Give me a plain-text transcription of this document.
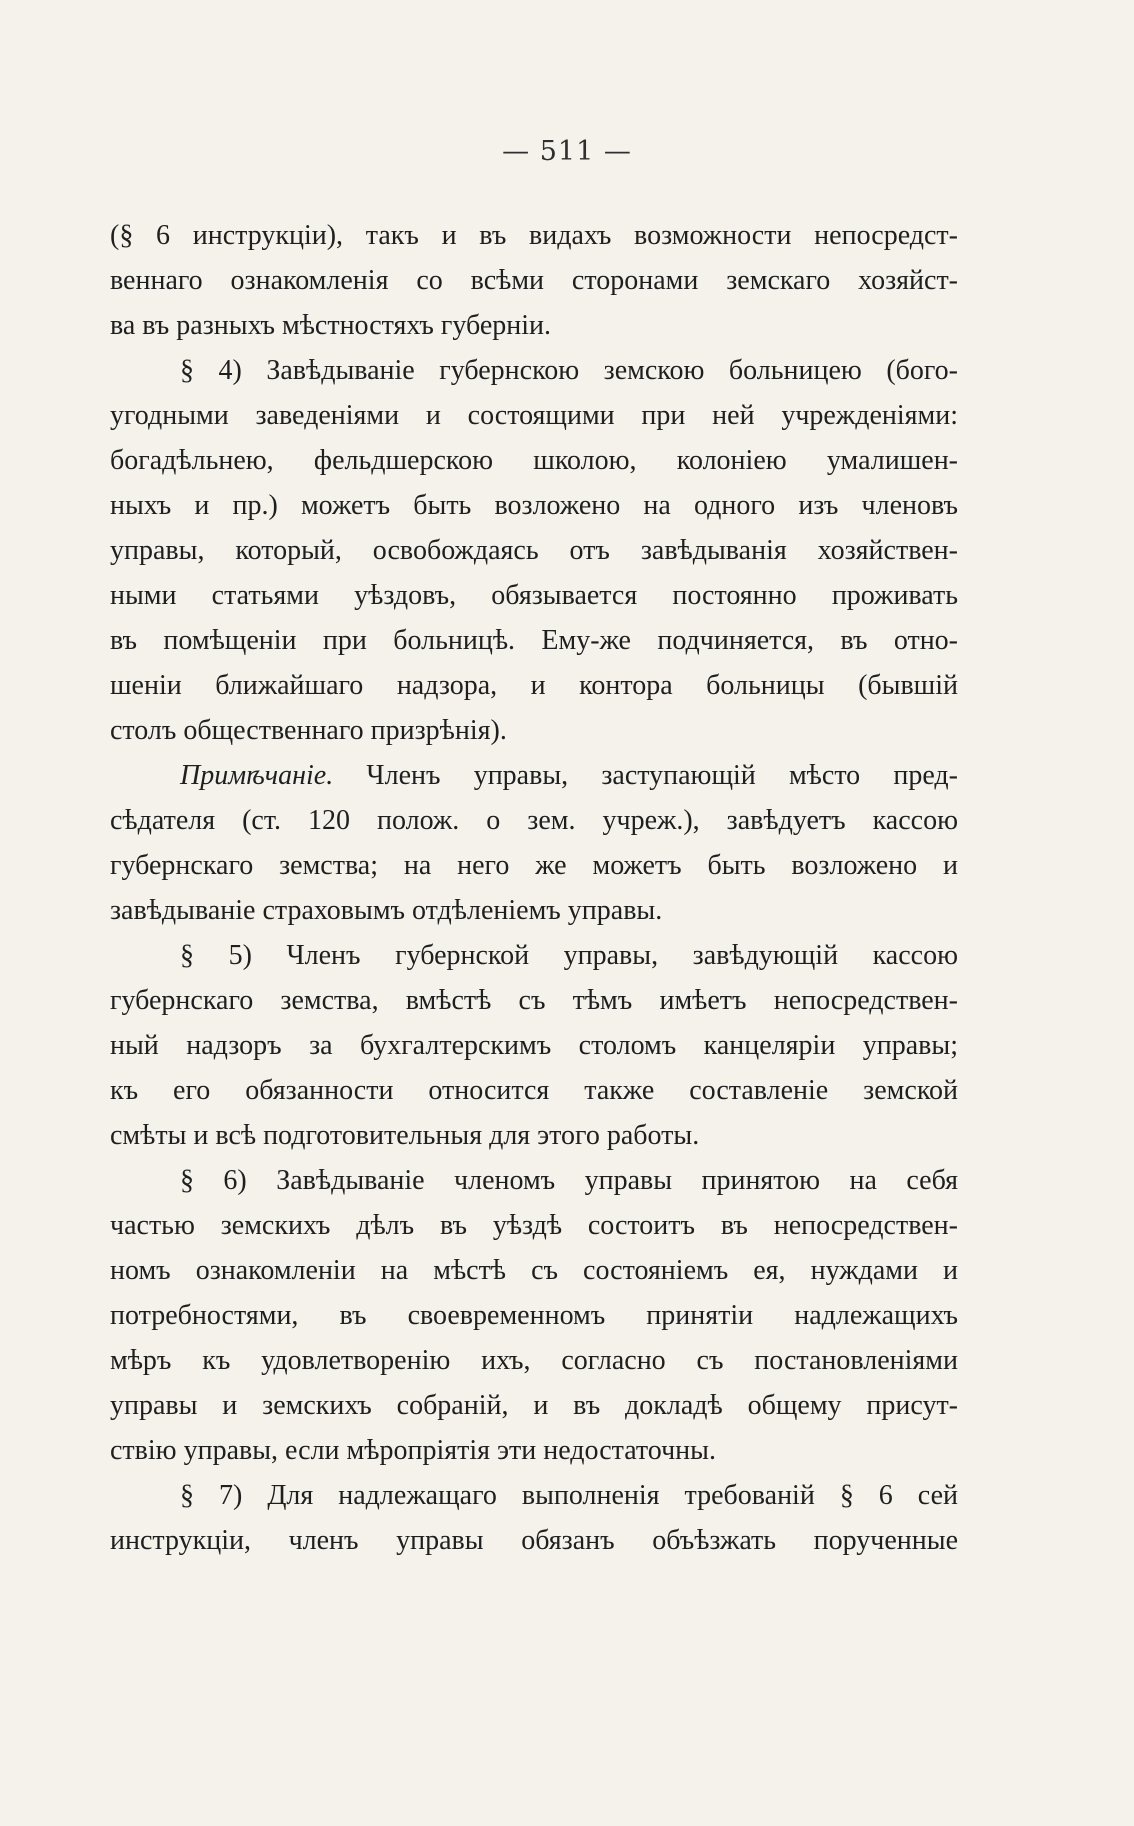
— 511 —
(§ 6 инструкціи), такъ и въ видахъ возможности непосредст-
веннаго ознакомленія со всѣми сторонами земскаго хозяйст-
ва въ разныхъ мѣстностяхъ губерніи.
§ 4) Завѣдываніе губернскою земскою больницею (бого-
угодными заведеніями и состоящими при ней учрежденіями:
богадѣльнею, фельдшерскою школою, колоніею умалишен-
ныхъ и пр.) можетъ быть возложено на одного изъ членовъ
управы, который, освобождаясь отъ завѣдыванія хозяйствен-
ными статьями уѣздовъ, обязывается постоянно проживать
въ помѣщеніи при больницѣ. Ему-же подчиняется, въ отно-
шеніи ближайшаго надзора, и контора больницы (бывшій
столъ общественнаго призрѣнія).
Примѣчаніе. Членъ управы, заступающій мѣсто пред-
сѣдателя (ст. 120 полож. о зем. учреж.), завѣдуетъ кассою
губернскаго земства; на него же можетъ быть возложено и
завѣдываніе страховымъ отдѣленіемъ управы.
§ 5) Членъ губернской управы, завѣдующій кассою
губернскаго земства, вмѣстѣ съ тѣмъ имѣетъ непосредствен-
ный надзоръ за бухгалтерскимъ столомъ канцеляріи управы;
къ его обязанности относится также составленіе земской
смѣты и всѣ подготовительныя для этого работы.
§ 6) Завѣдываніе членомъ управы принятою на себя
частью земскихъ дѣлъ въ уѣздѣ состоитъ въ непосредствен-
номъ ознакомленіи на мѣстѣ съ состояніемъ ея, нуждами и
потребностями, въ своевременномъ принятіи надлежащихъ
мѣръ къ удовлетворенію ихъ, согласно съ постановленіями
управы и земскихъ собраній, и въ докладѣ общему присут-
ствію управы, если мѣропріятія эти недостаточны.
§ 7) Для надлежащаго выполненія требованій § 6 сей
инструкціи, членъ управы обязанъ объѣзжать порученные
